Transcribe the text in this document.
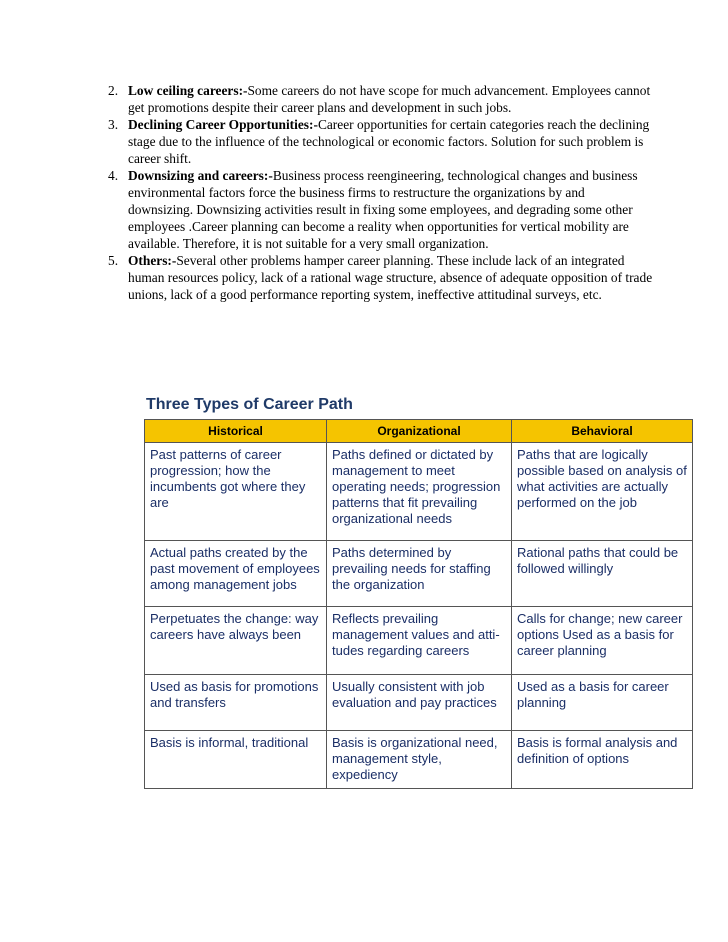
2. Low ceiling careers:-Some careers do not have scope for much advancement. Employees cannot get promotions despite their career plans and development in such jobs.
3. Declining Career Opportunities:-Career opportunities for certain categories reach the declining stage due to the influence of the technological or economic factors. Solution for such problem is career shift.
4. Downsizing and careers:-Business process reengineering, technological changes and business environmental factors force the business firms to restructure the organizations by and downsizing. Downsizing activities result in fixing some employees, and degrading some other employees .Career planning can become a reality when opportunities for vertical mobility are available. Therefore, it is not suitable for a very small organization.
5. Others:-Several other problems hamper career planning. These include lack of an integrated human resources policy, lack of a rational wage structure, absence of adequate opposition of trade unions, lack of a good performance reporting system, ineffective attitudinal surveys, etc.
Three Types of Career Path
Historical	Organizational	Behavioral
Past patterns of career progression; how the incumbents got where they are	Paths defined or dictated by management to meet operating needs; progression patterns that fit prevailing organizational needs	Paths that are logically possible based on analysis of what activities are actually performed on the job
Actual paths created by the past movement of employees among management jobs	Paths determined by prevailing needs for staffing the organization	Rational paths that could be followed willingly
Perpetuates the change: way careers have always been	Reflects prevailing management values and atti-tudes regarding careers	Calls for change; new career options Used as a basis for career planning
Used as basis for promotions and transfers	Usually consistent with job evaluation and pay practices	Used as a basis for career planning
Basis is informal, traditional	Basis is organizational need, management style, expediency	Basis is formal analysis and definition of options
